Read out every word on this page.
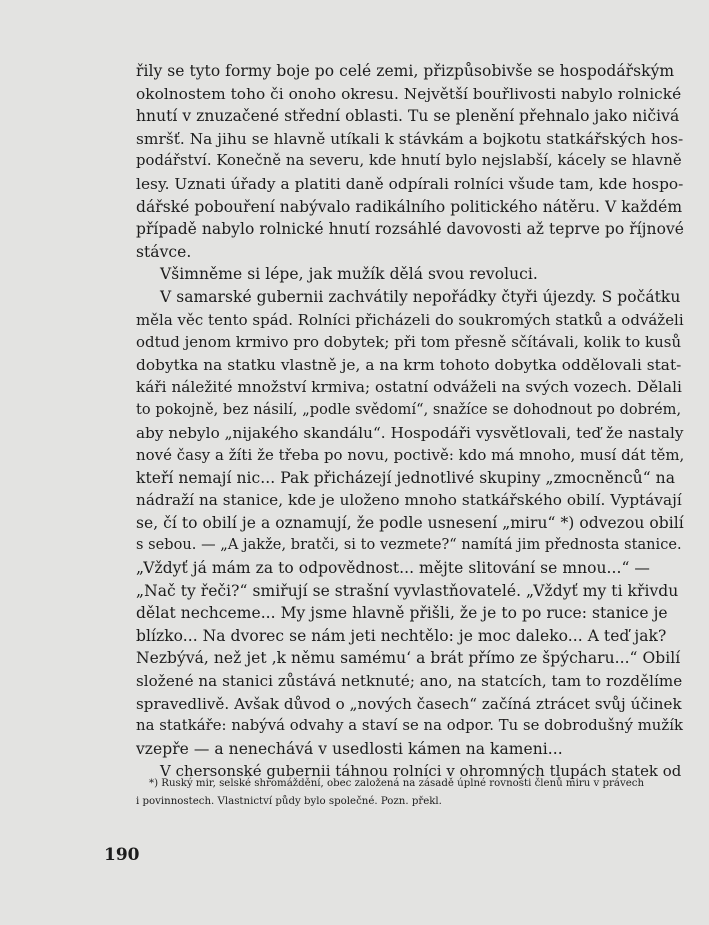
řily se tyto formy boje po celé zemi, přizpůsobivše se hospodářským
okolnostem toho či onoho okresu. Největší bouřlivosti nabylo rolnické
hnutí v znuzačené střední oblasti. Tu se plenění přehnalo jako ničivá
smršť. Na jihu se hlavně utíkali k stávkám a bojkotu statkářských hos-
podářství. Konečně na severu, kde hnutí bylo nejslabší, kácely se hlavně
lesy. Uznati úřady a platiti daně odpírali rolníci všude tam, kde hospo-
dářské pobouření nabývalo radikálního politického nátěru. V každém
případě nabylo rolnické hnutí rozsáhlé davovosti až teprve po říjnové
stávce.
Všimněme si lépe, jak mužík dělá svou revoluci.
V samarské gubernii zachvátily nepořádky čtyři újezdy. S počátku
měla věc tento spád. Rolníci přicházeli do soukromých statků a odváželi
odtud jenom krmivo pro dobytek; při tom přesně sčítávali, kolik to kusů
dobytka na statku vlastně je, a na krm tohoto dobytka oddělovali stat-
káři náležité množství krmiva; ostatní odváželi na svých vozech. Dělali
to pokojně, bez násilí, „podle svědomí“, snažíce se dohodnout po dobrém,
aby nebylo „nijakého skandálu“. Hospodáři vysvětlovali, teď že nastaly
nové časy a žíti že třeba po novu, poctivě: kdo má mnoho, musí dát těm,
kteří nemají nic... Pak přicházejí jednotlivé skupiny „zmocněnců“ na
nádraží na stanice, kde je uloženo mnoho statkářského obilí. Vyptávají
se, čí to obilí je a oznamují, že podle usnesení „miru“ *) odvezou obilí
s sebou. — „A jakže, bratči, si to vezmete?“ namítá jim přednosta stanice.
„Vždyť já mám za to odpovědnost... mějte slitování se mnou...“ —
„Nač ty řeči?“ smiřují se strašní vyvlastňovatelé. „Vždyť my ti křivdu
dělat nechceme... My jsme hlavně přišli, že je to po ruce: stanice je
blízko... Na dvorec se nám jeti nechtělo: je moc daleko... A teď jak?
Nezbývá, než jet ‚k němu samému‘ a brát přímo ze špýcharu...“ Obilí
složené na stanici zůstává netknuté; ano, na statcích, tam to rozdělíme
spravedlivě. Avšak důvod o „nových časech“ začíná ztrácet svůj účinek
na statkáře: nabývá odvahy a staví se na odpor. Tu se dobrodušný mužík
vzepře — a nenechává v usedlosti kámen na kameni...
V chersonské gubernii táhnou rolníci v ohromných tlupách statek od
*) Ruský mir, selské shromáždění, obec založená na zásadě úplné rovnosti členů miru v právech
i povinnostech. Vlastnictví půdy bylo společné. Pozn. překl.
190
